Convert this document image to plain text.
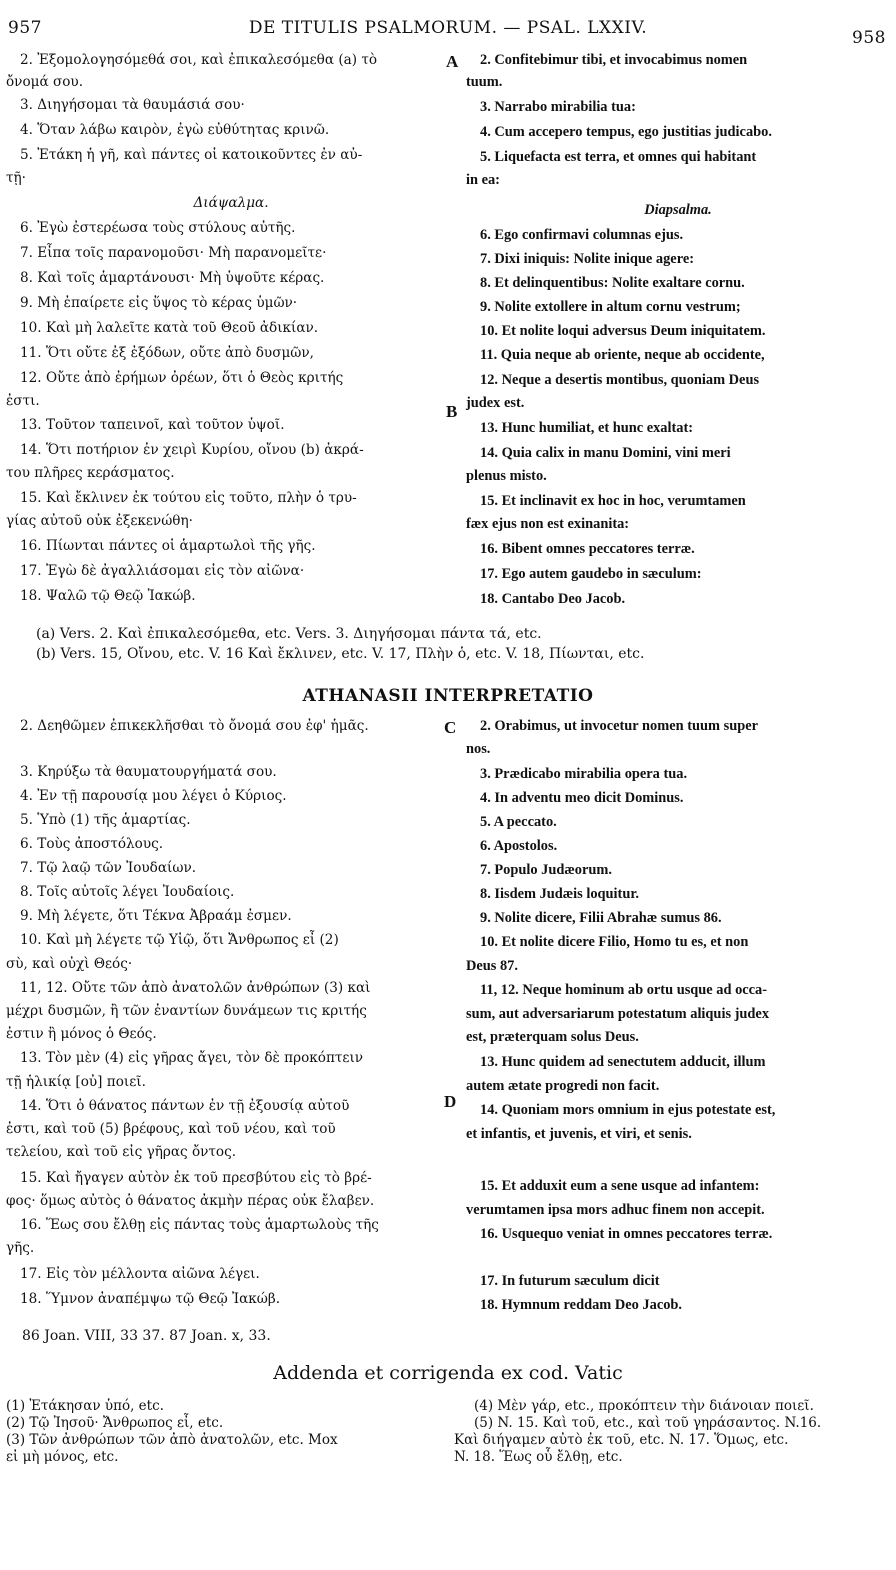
957	DE TITULIS PSALMORUM. — PSAL. LXXIV.	958
A
B
C
D
2. Ἐξομολογησόμεθά σοι, καὶ ἐπικαλεσόμεθα (a) τὸ
ὄνομά σου.
3. Διηγήσομαι τὰ θαυμάσιά σου·
4. Ὅταν λάβω καιρὸν, ἐγὼ εὐθύτητας κρινῶ.
5. Ἐτάκη ἡ γῆ, καὶ πάντες οἱ κατοικοῦντες ἐν αὐ-
τῇ·
Διάψαλμα.
6. Ἐγὼ ἐστερέωσα τοὺς στύλους αὐτῆς.
7. Εἶπα τοῖς παρανομοῦσι· Μὴ παρανομεῖτε·
8. Καὶ τοῖς ἁμαρτάνουσι· Μὴ ὑψοῦτε κέρας.
9. Μὴ ἐπαίρετε εἰς ὕψος τὸ κέρας ὑμῶν·
10. Καὶ μὴ λαλεῖτε κατὰ τοῦ Θεοῦ ἀδικίαν.
11. Ὅτι οὔτε ἐξ ἐξόδων, οὔτε ἀπὸ δυσμῶν,
12. Οὔτε ἀπὸ ἐρήμων ὀρέων, ὅτι ὁ Θεὸς κριτής
ἐστι.
13. Τοῦτον ταπεινοῖ, καὶ τοῦτον ὑψοῖ.
14. Ὅτι ποτήριον ἐν χειρὶ Κυρίου, οἴνου (b) ἀκρά-
του πλῆρες κεράσματος.
15. Καὶ ἔκλινεν ἐκ τούτου εἰς τοῦτο, πλὴν ὁ τρυ-
γίας αὐτοῦ οὐκ ἐξεκενώθη·
16. Πίωνται πάντες οἱ ἁμαρτωλοὶ τῆς γῆς.
17. Ἐγὼ δὲ ἀγαλλιάσομαι εἰς τὸν αἰῶνα·
18. Ψαλῶ τῷ Θεῷ Ἰακώβ.
2. Confitebimur tibi, et invocabimus nomen
tuum.
3. Narrabo mirabilia tua:
4. Cum accepero tempus, ego justitias judicabo.
5. Liquefacta est terra, et omnes qui habitant
in ea:
Diapsalma.
6. Ego confirmavi columnas ejus.
7. Dixi iniquis: Nolite inique agere:
8. Et delinquentibus: Nolite exaltare cornu.
9. Nolite extollere in altum cornu vestrum;
10. Et nolite loqui adversus Deum iniquitatem.
11. Quia neque ab oriente, neque ab occidente,
12. Neque a desertis montibus, quoniam Deus
judex est.
13. Hunc humiliat, et hunc exaltat:
14. Quia calix in manu Domini, vini meri
plenus misto.
15. Et inclinavit ex hoc in hoc, verumtamen
fæx ejus non est exinanita:
16. Bibent omnes peccatores terræ.
17. Ego autem gaudebo in sæculum:
18. Cantabo Deo Jacob.
(a) Vers. 2. Καὶ ἐπικαλεσόμεθα, etc. Vers. 3. Διηγήσομαι πάντα τά, etc.
(b) Vers. 15, Οἴνου, etc. V. 16 Καὶ ἔκλινεν, etc. V. 17, Πλὴν ὁ, etc. V. 18, Πίωνται, etc.
ATHANASII INTERPRETATIO
2. Δεηθῶμεν ἐπικεκλῆσθαι τὸ ὄνομά σου ἐφ' ἡμᾶς.
3. Κηρύξω τὰ θαυματουργήματά σου.
4. Ἐν τῇ παρουσίᾳ μου λέγει ὁ Κύριος.
5. Ὑπὸ (1) τῆς ἁμαρτίας.
6. Τοὺς ἀποστόλους.
7. Τῷ λαῷ τῶν Ἰουδαίων.
8. Τοῖς αὐτοῖς λέγει Ἰουδαίοις.
9. Μὴ λέγετε, ὅτι Τέκνα Ἀβραάμ ἐσμεν.
10. Καὶ μὴ λέγετε τῷ Υἱῷ, ὅτι Ἄνθρωπος εἶ (2)
σὺ, καὶ οὐχὶ Θεός·
11, 12. Οὔτε τῶν ἀπὸ ἀνατολῶν ἀνθρώπων (3) καὶ
μέχρι δυσμῶν, ἢ τῶν ἐναντίων δυνάμεων τις κριτής
ἐστιν ἢ μόνος ὁ Θεός.
13. Τὸν μὲν (4) εἰς γῆρας ἄγει, τὸν δὲ προκόπτειν
τῇ ἡλικίᾳ [οὐ] ποιεῖ.
14. Ὅτι ὁ θάνατος πάντων ἐν τῇ ἐξουσίᾳ αὐτοῦ
ἐστι, καὶ τοῦ (5) βρέφους, καὶ τοῦ νέου, καὶ τοῦ
τελείου, καὶ τοῦ εἰς γῆρας ὄντος.
15. Καὶ ἤγαγεν αὐτὸν ἐκ τοῦ πρεσβύτου εἰς τὸ βρέ-
φος· ὅμως αὐτὸς ὁ θάνατος ἀκμὴν πέρας οὐκ ἔλαβεν.
16. Ἕως σου ἔλθῃ εἰς πάντας τοὺς ἁμαρτωλοὺς τῆς
γῆς.
17. Εἰς τὸν μέλλοντα αἰῶνα λέγει.
18. Ὕμνον ἀναπέμψω τῷ Θεῷ Ἰακώβ.
2. Orabimus, ut invocetur nomen tuum super
nos.
3. Prædicabo mirabilia opera tua.
4. In adventu meo dicit Dominus.
5. A peccato.
6. Apostolos.
7. Populo Judæorum.
8. Iisdem Judæis loquitur.
9. Nolite dicere, Filii Abrahæ sumus 86.
10. Et nolite dicere Filio, Homo tu es, et non
Deus 87.
11, 12. Neque hominum ab ortu usque ad occa-
sum, aut adversariarum potestatum aliquis judex
est, præterquam solus Deus.
13. Hunc quidem ad senectutem adducit, illum
autem ætate progredi non facit.
14. Quoniam mors omnium in ejus potestate est,
et infantis, et juvenis, et viri, et senis.
15. Et adduxit eum a sene usque ad infantem:
verumtamen ipsa mors adhuc finem non accepit.
16. Usquequo veniat in omnes peccatores terræ.
17. In futurum sæculum dicit
18. Hymnum reddam Deo Jacob.
86 Joan. VIII, 33 37. 87 Joan. x, 33.
Addenda et corrigenda ex cod. Vatic
(1) Ἐτάκησαν ὑπό, etc.
(2) Τῷ Ἰησοῦ· Ἄνθρωπος εἶ, etc.
(3) Τῶν ἀνθρώπων τῶν ἀπὸ ἀνατολῶν, etc. Mox
εἰ μὴ μόνος, etc.
(4) Μὲν γάρ, etc., προκόπτειν τὴν διάνοιαν ποιεῖ.
(5) N. 15. Καὶ τοῦ, etc., καὶ τοῦ γηράσαντος. N.16.
Καὶ διήγαμεν αὐτὸ ἐκ τοῦ, etc. N. 17. Ὅμως, etc.
N. 18. Ἕως οὗ ἔλθῃ, etc.
